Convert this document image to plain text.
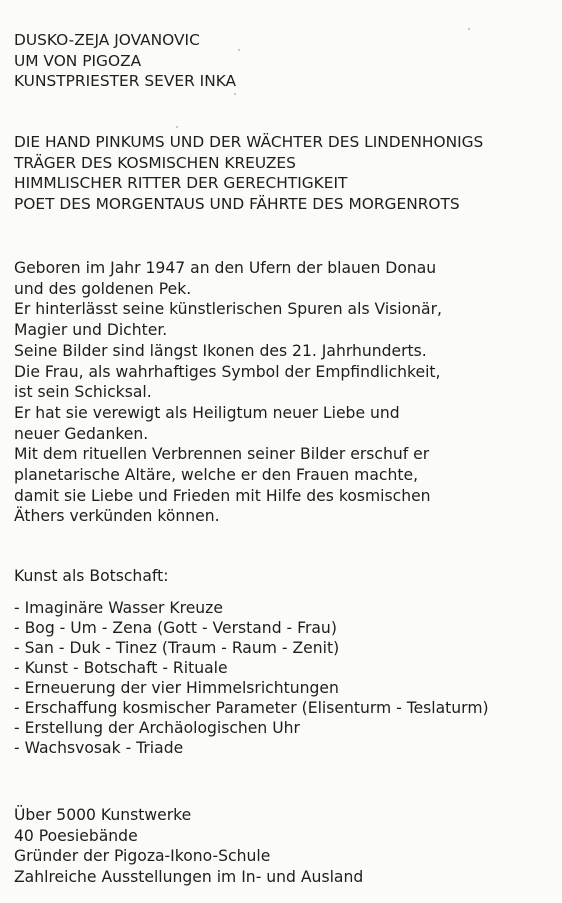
DUSKO-ZEJA JOVANOVIC
UM VON PIGOZA
KUNSTPRIESTER SEVER INKA
DIE HAND PINKUMS UND DER WÄCHTER DES LINDENHONIGS
TRÄGER DES KOSMISCHEN KREUZES
HIMMLISCHER RITTER DER GERECHTIGKEIT
POET DES MORGENTAUS UND FÄHRTE DES MORGENROTS
Geboren im Jahr 1947 an den Ufern der blauen Donau
und des goldenen Pek.
Er hinterlässt seine künstlerischen Spuren als Visionär,
Magier und Dichter.
Seine Bilder sind längst Ikonen des 21. Jahrhunderts.
Die Frau, als wahrhaftiges Symbol der Empfindlichkeit,
ist sein Schicksal.
Er hat sie verewigt als Heiligtum neuer Liebe und
neuer Gedanken.
Mit dem rituellen Verbrennen seiner Bilder erschuf er
planetarische Altäre, welche er den Frauen machte,
damit sie Liebe und Frieden mit Hilfe des kosmischen
Äthers verkünden können.
Kunst als Botschaft:
- Imaginäre Wasser Kreuze
- Bog - Um - Zena (Gott - Verstand - Frau)
- San - Duk - Tinez (Traum - Raum - Zenit)
- Kunst - Botschaft - Rituale
- Erneuerung der vier Himmelsrichtungen
- Erschaffung kosmischer Parameter (Elisenturm - Teslaturm)
- Erstellung der Archäologischen Uhr
- Wachsvosak - Triade
Über 5000 Kunstwerke
40 Poesiebände
Gründer der Pigoza-Ikono-Schule
Zahlreiche Ausstellungen im In- und Ausland
